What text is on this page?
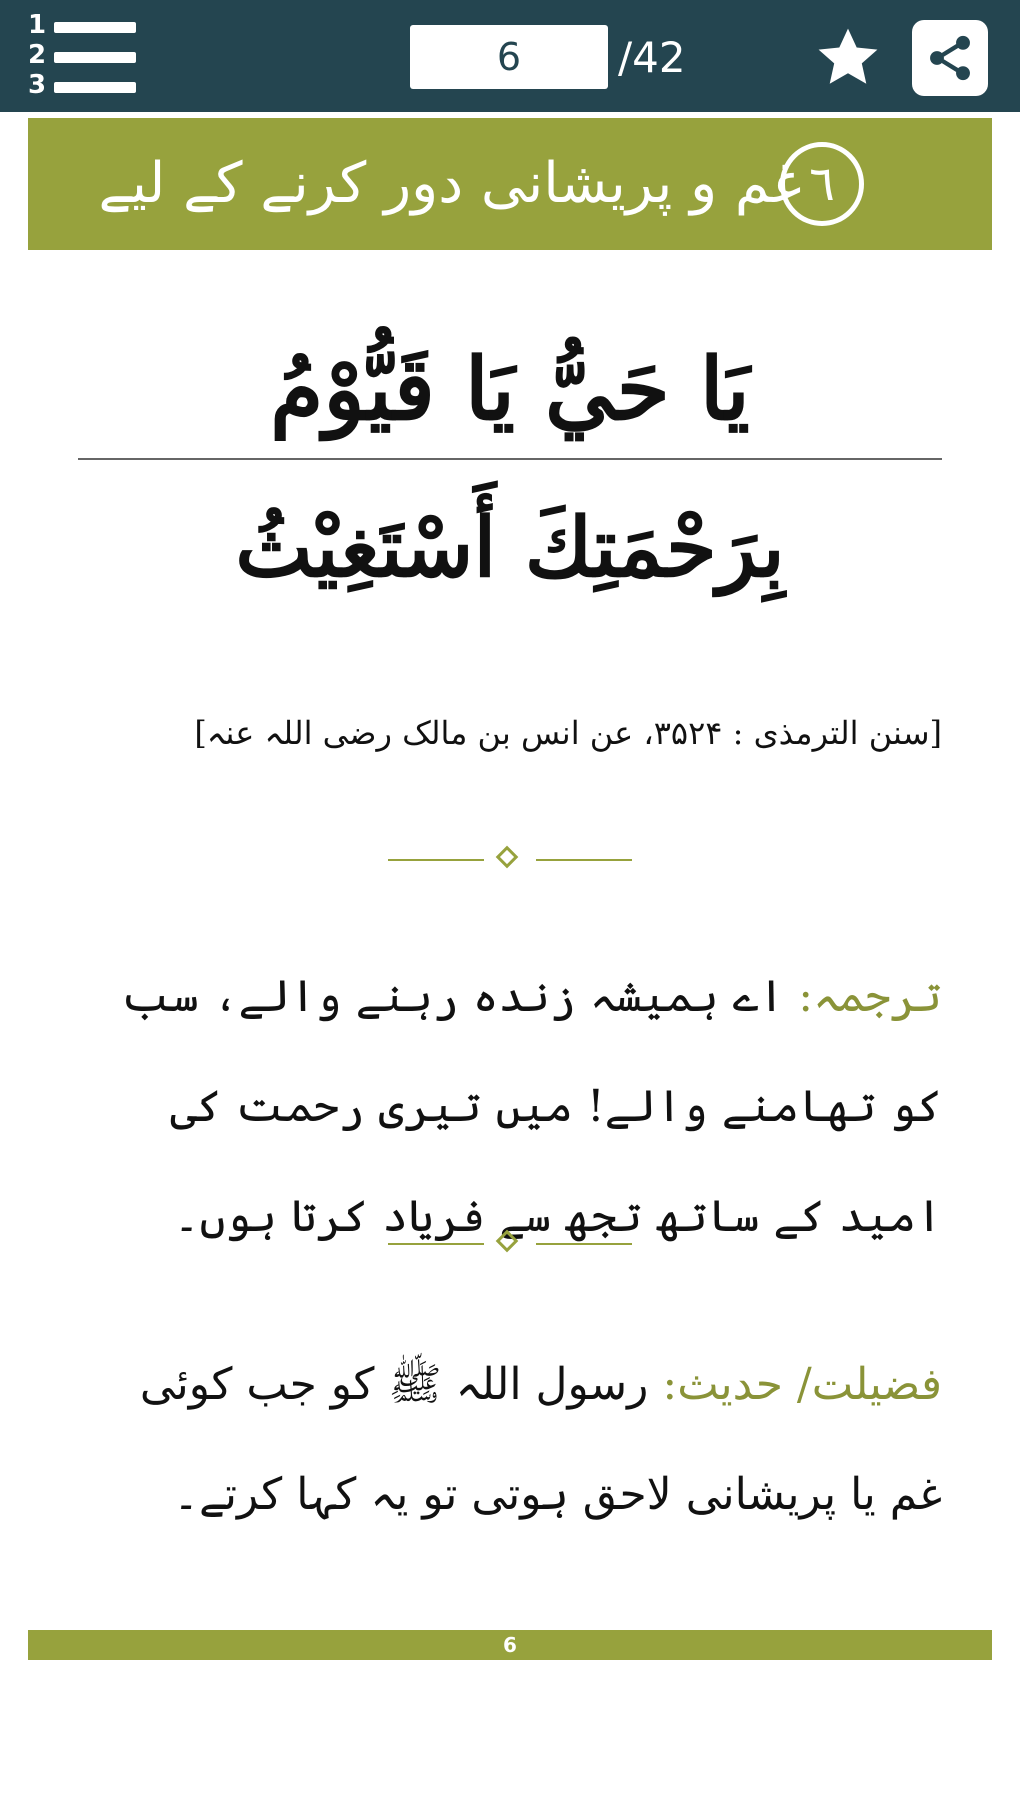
1
2
3
6
/42
غم و پریشانی دور کرنے کے لیے ٦
يَا حَيُّ يَا قَيُّوْمُ
بِرَحْمَتِكَ أَسْتَغِيْثُ
[سنن الترمذی : ۳۵۲۴، عن انس بن مالک رضی اللہ عنہ]
ترجمہ: اے ہمیشہ زندہ رہنے والے، سب کو تھامنے والے! میں تیری رحمت کی امید کے ساتھ تجھ سے فریاد کرتا ہوں۔
فضیلت/ حدیث: رسول اللہ ﷺ کو جب کوئی غم یا پریشانی لاحق ہوتی تو یہ کہا کرتے۔
6
